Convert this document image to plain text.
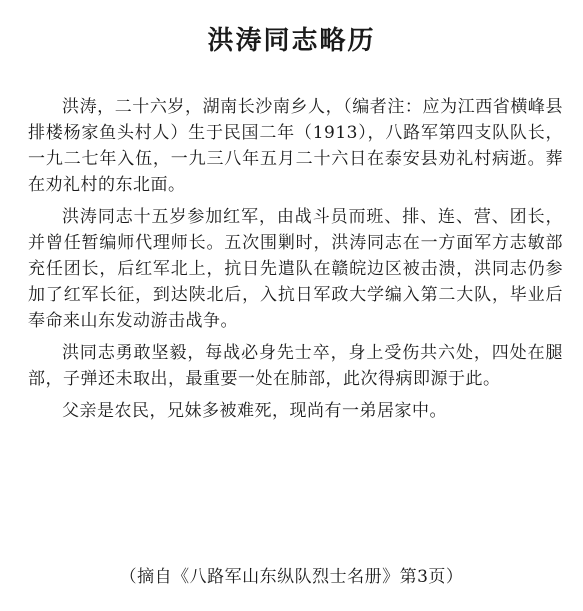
洪涛同志略历

洪涛，二十六岁，湖南长沙南乡人，（编者注：应为江西省横峰县排楼杨家鱼头村人）生于民国二年（1913），八路军第四支队队长，一九二七年入伍，一九三八年五月二十六日在泰安县劝礼村病逝。葬在劝礼村的东北面。

洪涛同志十五岁参加红军，由战斗员而班、排、连、营、团长，并曾任暂编师代理师长。五次围剿时，洪涛同志在一方面军方志敏部充任团长，后红军北上，抗日先遣队在赣皖边区被击溃，洪同志仍参加了红军长征，到达陕北后，入抗日军政大学编入第二大队，毕业后奉命来山东发动游击战争。

洪同志勇敢坚毅，每战必身先士卒，身上受伤共六处，四处在腿部，子弹还未取出，最重要一处在肺部，此次得病即源于此。

父亲是农民，兄妹多被难死，现尚有一弟居家中。

（摘自《八路军山东纵队烈士名册》第3页）
